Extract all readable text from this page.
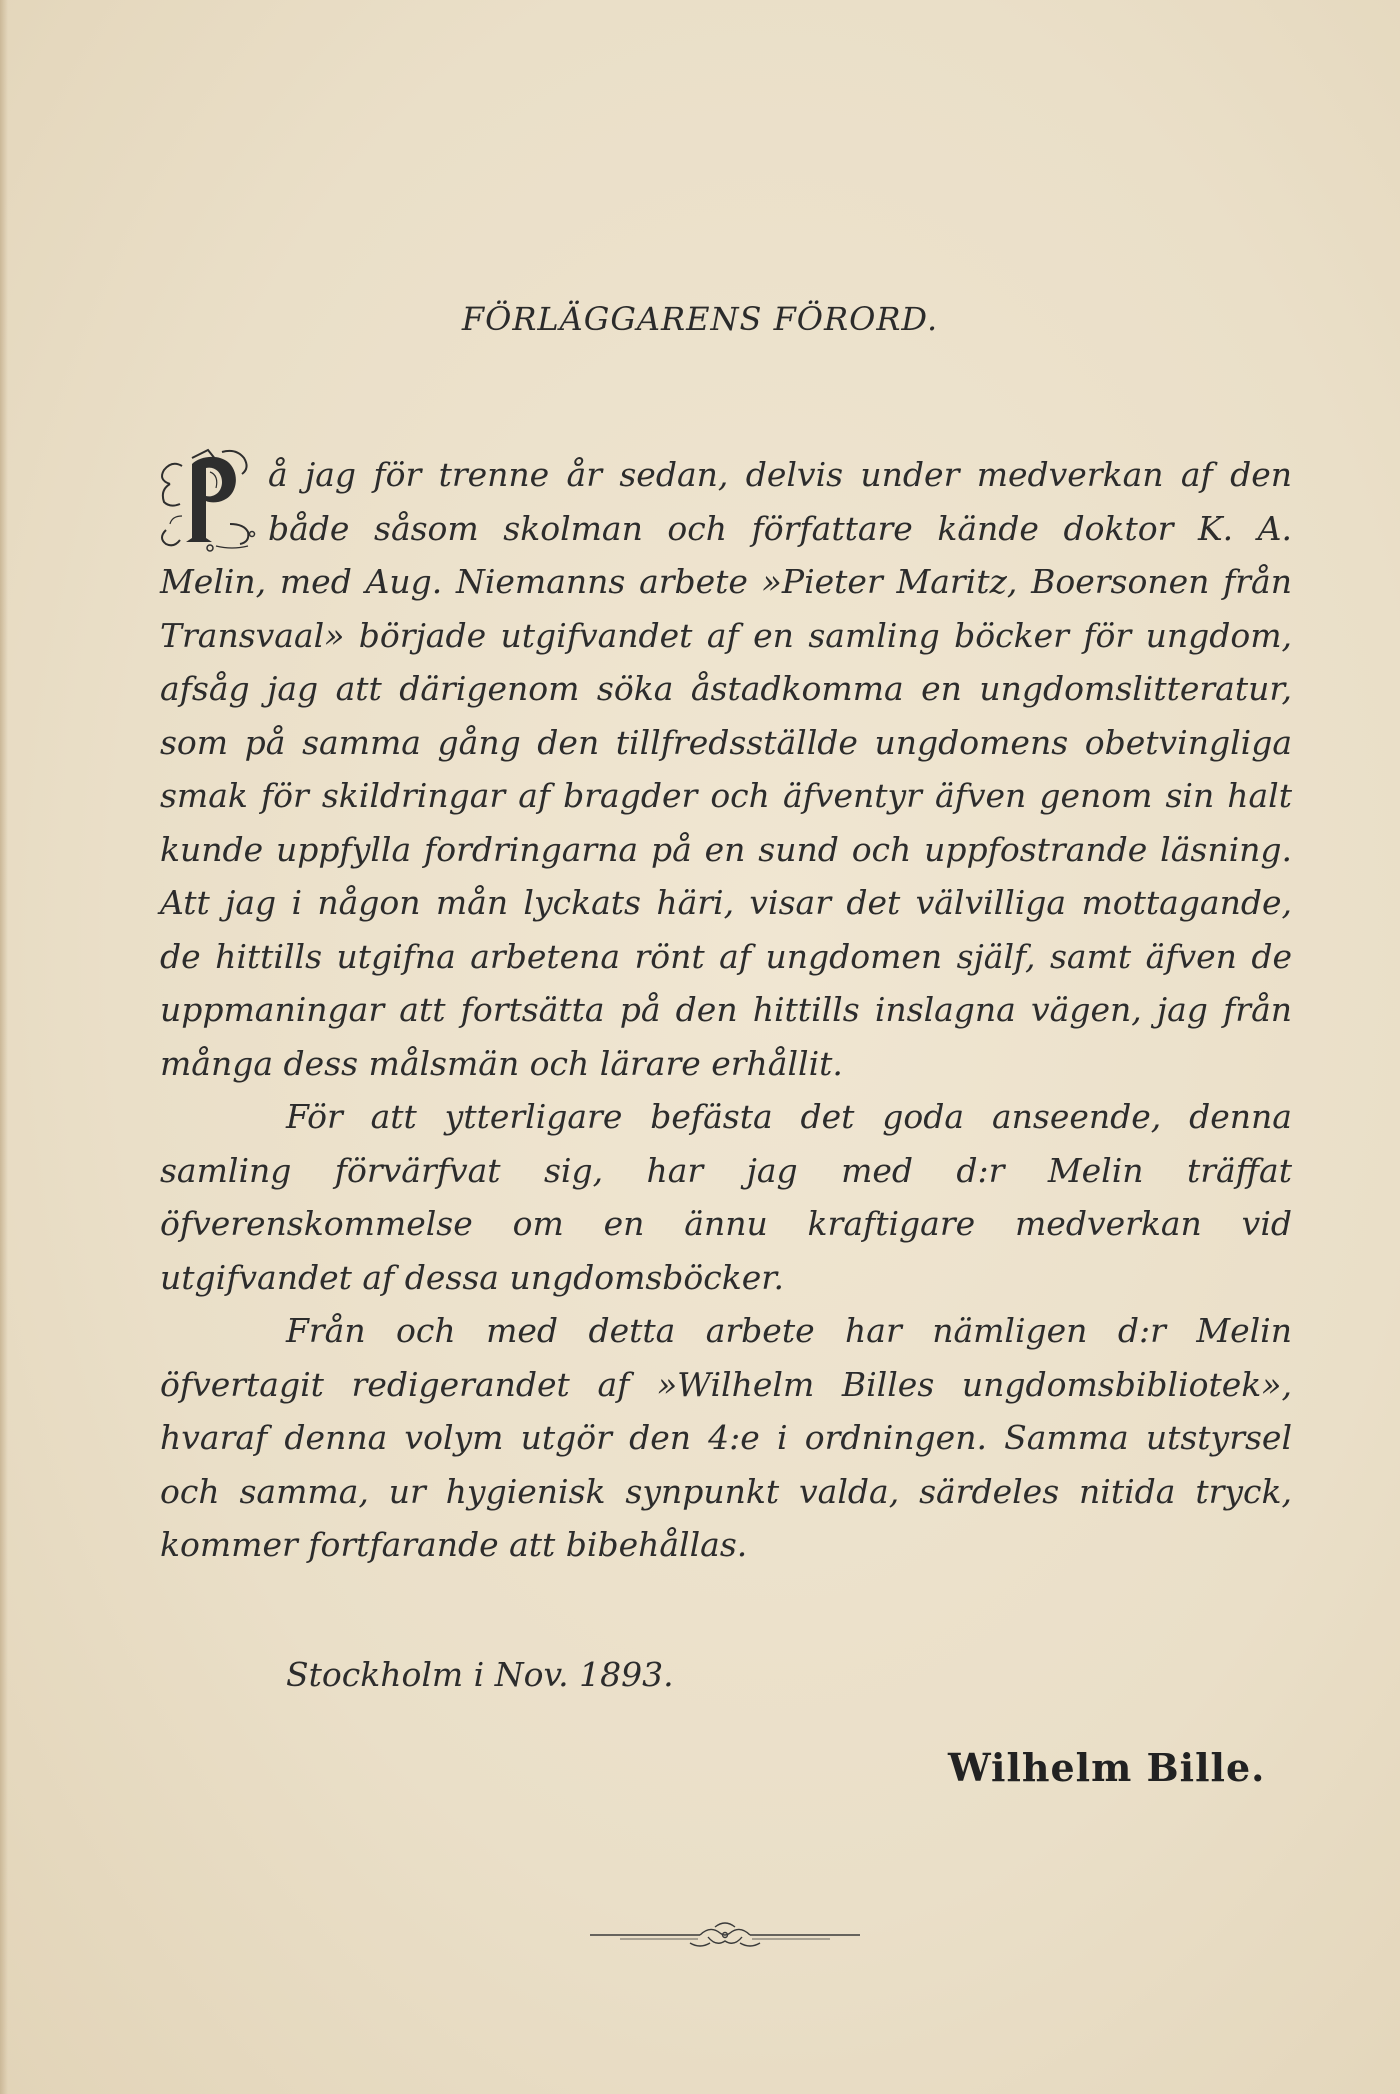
FÖRLÄGGARENS FÖRORD.

å jag för trenne år sedan, delvis under medverkan af den både såsom skolman och författare kände doktor K. A. Melin, med Aug. Niemanns arbete »Pieter Maritz, Boersonen från Transvaal» började utgifvandet af en samling böcker för ungdom, afsåg jag att därigenom söka åstadkomma en ungdomslitteratur, som på samma gång den tillfredsställde ungdomens obetvingliga smak för skildringar af bragder och äfventyr äfven genom sin halt kunde uppfylla fordringarna på en sund och uppfostrande läsning. Att jag i någon mån lyckats häri, visar det välvilliga mottagande, de hittills utgifna arbetena rönt af ungdomen själf, samt äfven de uppmaningar att fortsätta på den hittills inslagna vägen, jag från många dess målsmän och lärare erhållit.

För att ytterligare befästa det goda anseende, denna samling förvärfvat sig, har jag med d:r Melin träffat öfverenskommelse om en ännu kraftigare medverkan vid utgifvandet af dessa ungdomsböcker.

Från och med detta arbete har nämligen d:r Melin öfvertagit redigerandet af »Wilhelm Billes ungdomsbibliotek», hvaraf denna volym utgör den 4:e i ordningen. Samma utstyrsel och samma, ur hygienisk synpunkt valda, särdeles nitida tryck, kommer fortfarande att bibehållas.

Stockholm i Nov. 1893.
Wilhelm Bille.
